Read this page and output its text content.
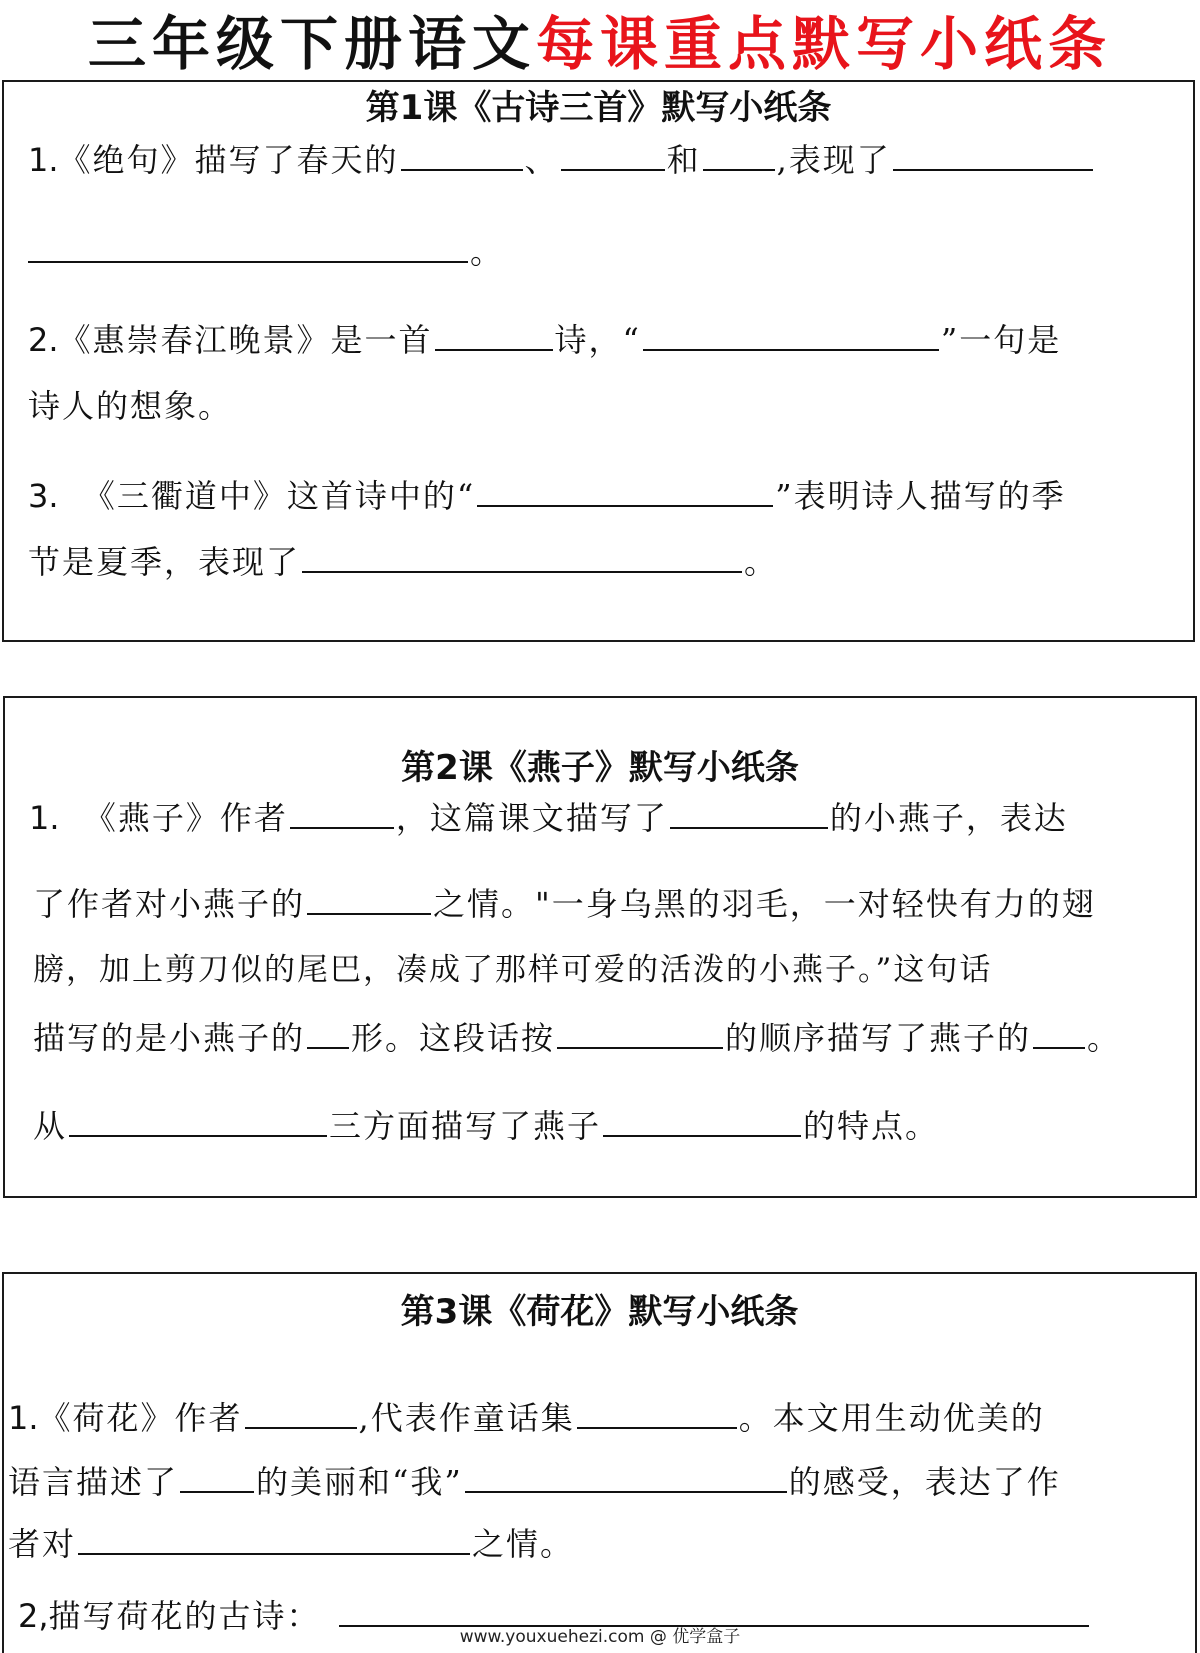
三年级下册语文每课重点默写小纸条
第1课《古诗三首》默写小纸条
1.《绝句》描写了春天的	、	和 ,表现了
。
2.《惠崇春江晚景》是一首	诗，“	”一句是
诗人的想象。
3. 《三衢道中》这首诗中的“	”表明诗人描写的季
节是夏季，表现了	。
第2课《燕子》默写小纸条
1. 《燕子》作者	，这篇课文描写了	的小燕子，表达
了作者对小燕子的	之情。"一身乌黑的羽毛，一对轻快有力的翅
膀，加上剪刀似的尾巴，凑成了那样可爱的活泼的小燕子。”这句话
描写的是小燕子的 形。这段话按	的顺序描写了燕子的 。
从	三方面描写了燕子	的特点。
第3课《荷花》默写小纸条
1.《荷花》作者	,代表作童话集	。本文用生动优美的
语言描述了 的美丽和“我”	的感受，表达了作
者对	之情。
2,描写荷花的古诗：
www.youxuehezi.com @ 优学盒子
